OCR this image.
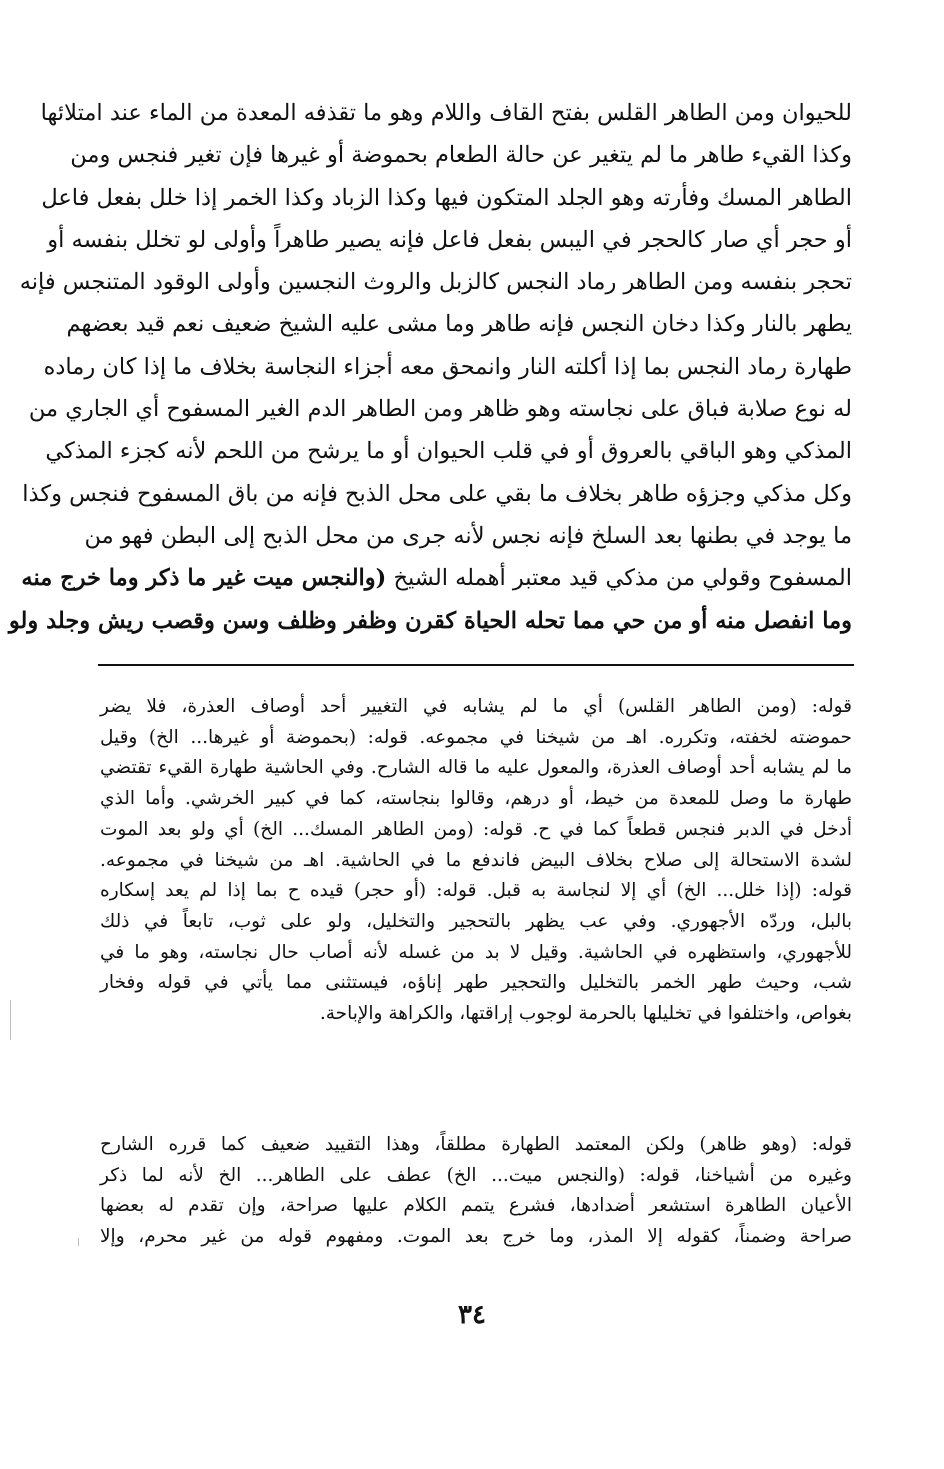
للحيوان ومن الطاهر القلس بفتح القاف واللام وهو ما تقذفه المعدة من الماء عند امتلائها
وكذا القيء طاهر ما لم يتغير عن حالة الطعام بحموضة أو غيرها فإن تغير فنجس ومن
الطاهر المسك وفأرته وهو الجلد المتكون فيها وكذا الزباد وكذا الخمر إذا خلل بفعل فاعل
أو حجر أي صار كالحجر في اليبس بفعل فاعل فإنه يصير طاهراً وأولى لو تخلل بنفسه أو
تحجر بنفسه ومن الطاهر رماد النجس كالزبل والروث النجسين وأولى الوقود المتنجس فإنه
يطهر بالنار وكذا دخان النجس فإنه طاهر وما مشى عليه الشيخ ضعيف نعم قيد بعضهم
طهارة رماد النجس بما إذا أكلته النار وانمحق معه أجزاء النجاسة بخلاف ما إذا كان رماده
له نوع صلابة فباق على نجاسته وهو ظاهر ومن الطاهر الدم الغير المسفوح أي الجاري من
المذكي وهو الباقي بالعروق أو في قلب الحيوان أو ما يرشح من اللحم لأنه كجزء المذكي
وكل مذكي وجزؤه طاهر بخلاف ما بقي على محل الذبح فإنه من باق المسفوح فنجس وكذا
ما يوجد في بطنها بعد السلخ فإنه نجس لأنه جرى من محل الذبح إلى البطن فهو من
المسفوح وقولي من مذكي قيد معتبر أهمله الشيخ (والنجس ميت غير ما ذكر وما خرج منه
وما انفصل منه أو من حي مما تحله الحياة كقرن وظفر وظلف وسن وقصب ريش وجلد ولو
قوله: (ومن الطاهر القلس) أي ما لم يشابه في التغيير أحد أوصاف العذرة، فلا يضر
حموضته لخفته، وتكرره. اهـ من شيخنا في مجموعه. قوله: (بحموضة أو غيرها... الخ) وقيل
ما لم يشابه أحد أوصاف العذرة، والمعول عليه ما قاله الشارح. وفي الحاشية طهارة القيء تقتضي
طهارة ما وصل للمعدة من خيط، أو درهم، وقالوا بنجاسته، كما في كبير الخرشي. وأما الذي
أدخل في الدبر فنجس قطعاً كما في ح. قوله: (ومن الطاهر المسك... الخ) أي ولو بعد الموت
لشدة الاستحالة إلى صلاح بخلاف البيض فاندفع ما في الحاشية. اهـ من شيخنا في مجموعه.
قوله: (إذا خلل... الخ) أي إلا لنجاسة به قبل. قوله: (أو حجر) قيده ح بما إذا لم يعد إسكاره
بالبل، وردّه الأجهوري. وفي عب يظهر بالتحجير والتخليل، ولو على ثوب، تابعاً في ذلك
للأجهوري، واستظهره في الحاشية. وقيل لا بد من غسله لأنه أصاب حال نجاسته، وهو ما في
شب، وحيث طهر الخمر بالتخليل والتحجير طهر إناؤه، فيستثنى مما يأتي في قوله وفخار
بغواص، واختلفوا في تخليلها بالحرمة لوجوب إراقتها، والكراهة والإباحة.
قوله: (وهو ظاهر) ولكن المعتمد الطهارة مطلقاً، وهذا التقييد ضعيف كما قرره الشارح
وغيره من أشياخنا، قوله: (والنجس ميت... الخ) عطف على الطاهر... الخ لأنه لما ذكر
الأعيان الطاهرة استشعر أضدادها، فشرع يتمم الكلام عليها صراحة، وإن تقدم له بعضها
صراحة وضمناً، كقوله إلا المذر، وما خرج بعد الموت. ومفهوم قوله من غير محرم، وإلا
٣٤
